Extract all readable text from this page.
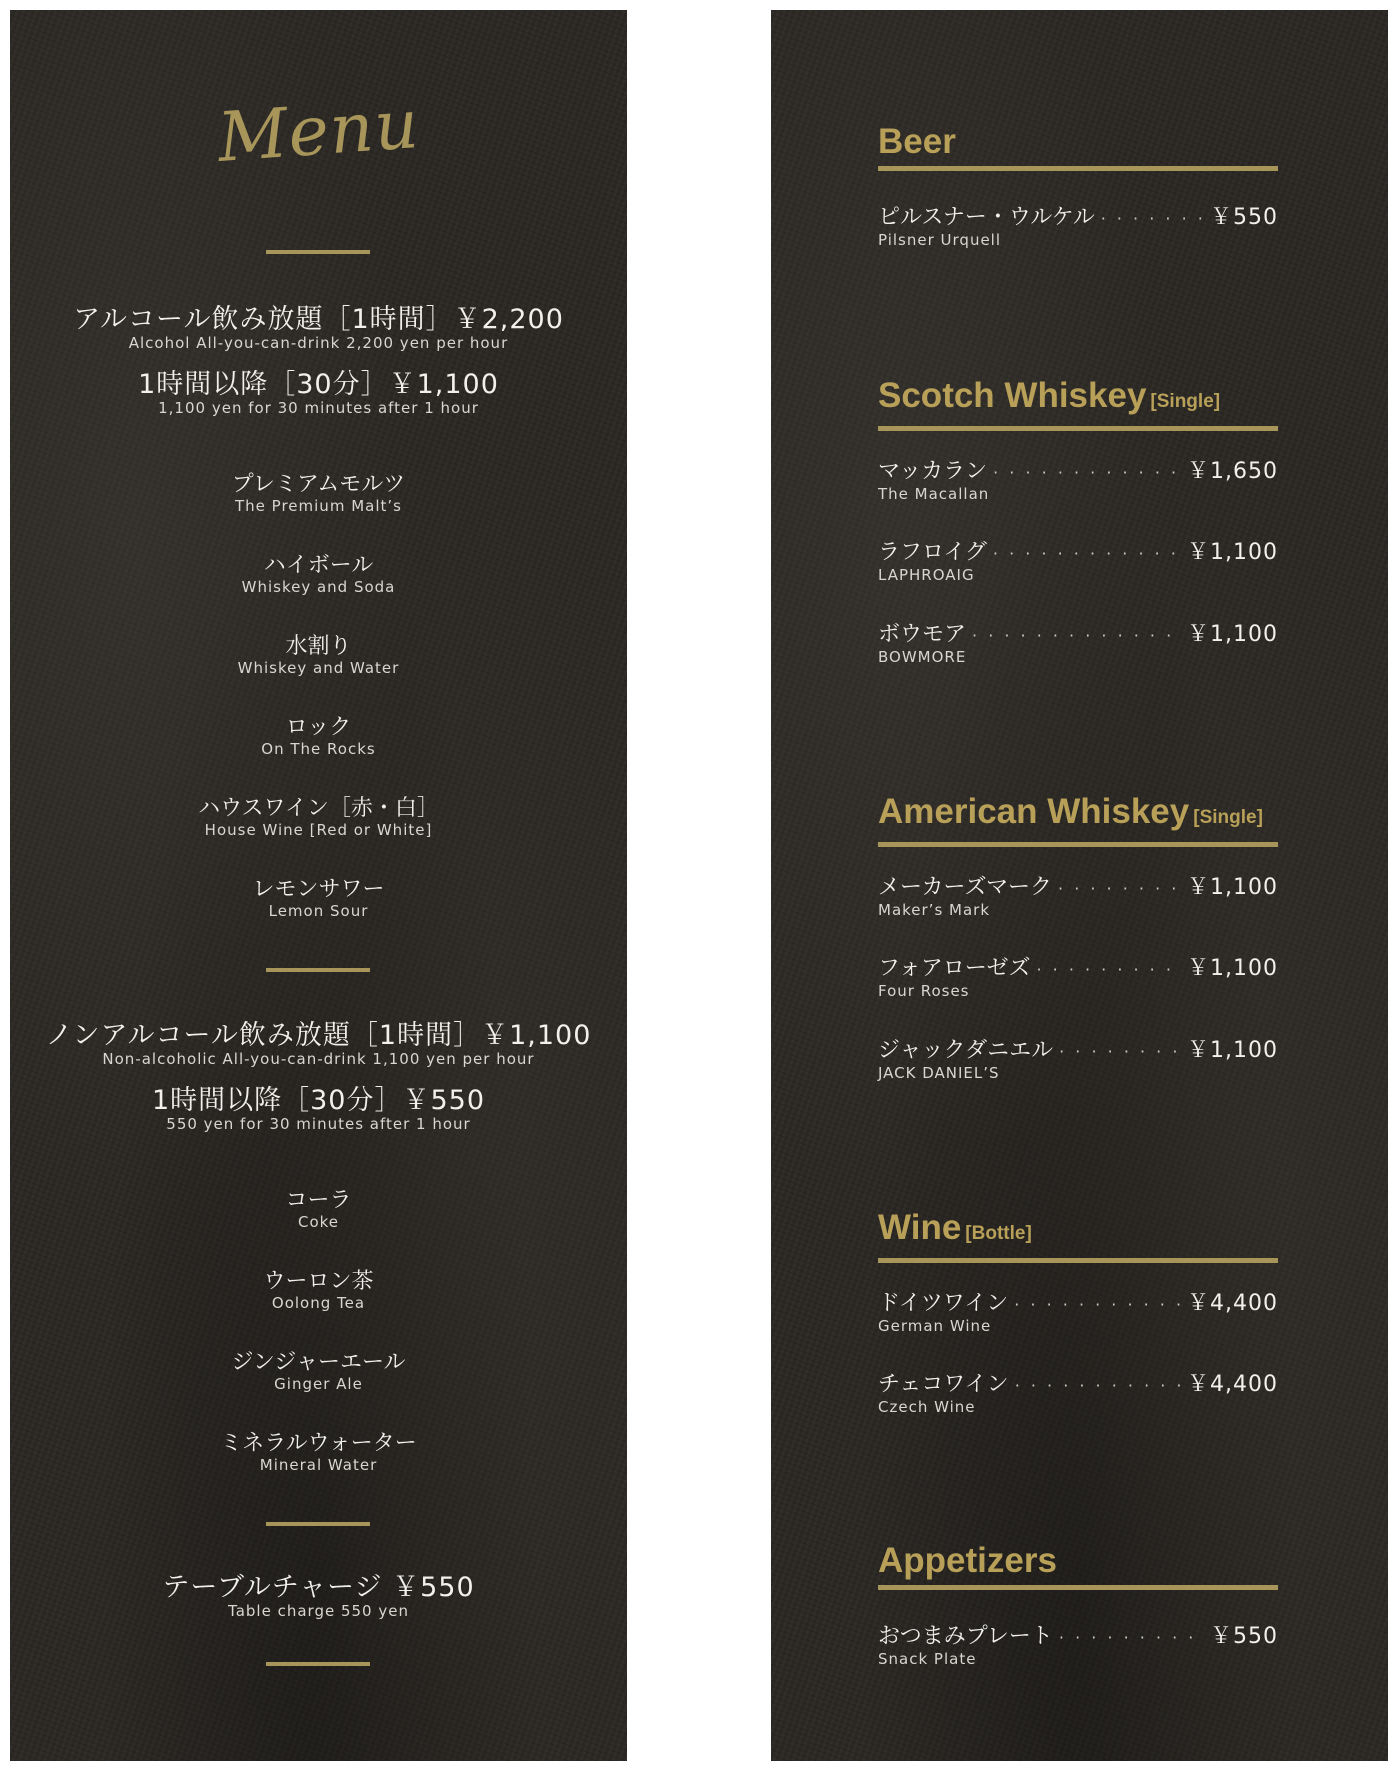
Menu
アルコール飲み放題［1時間］￥2,200
Alcohol All-you-can-drink 2,200 yen per hour
1時間以降［30分］￥1,100
1,100 yen for 30 minutes after 1 hour
プレミアムモルツ
The Premium Malt’s
ハイボール
Whiskey and Soda
水割り
Whiskey and Water
ロック
On The Rocks
ハウスワイン［赤・白］
House Wine [Red or White]
レモンサワー
Lemon Sour
ノンアルコール飲み放題［1時間］￥1,100
Non-alcoholic All-you-can-drink 1,100 yen per hour
1時間以降［30分］￥550
550 yen for 30 minutes after 1 hour
コーラ
Coke
ウーロン茶
Oolong Tea
ジンジャーエール
Ginger Ale
ミネラルウォーター
Mineral Water
テーブルチャージ ￥550
Table charge 550 yen
Beer
ピルスナー・ウルケル · · ·	￥550
Pilsner Urquell
Scotch Whiskey [Single]
マッカラン · · ·	￥1,650
The Macallan
ラフロイグ · · ·	￥1,100
LAPHROAIG
ボウモア · · ·	￥1,100
BOWMORE
American Whiskey [Single]
メーカーズマーク · · ·	￥1,100
Maker’s Mark
フォアローゼズ · · ·	￥1,100
Four Roses
ジャックダニエル · · ·	￥1,100
JACK DANIEL’S
Wine [Bottle]
ドイツワイン · · ·	￥4,400
German Wine
チェコワイン · · ·	￥4,400
Czech Wine
Appetizers
おつまみプレート · · ·	￥550
Snack Plate
